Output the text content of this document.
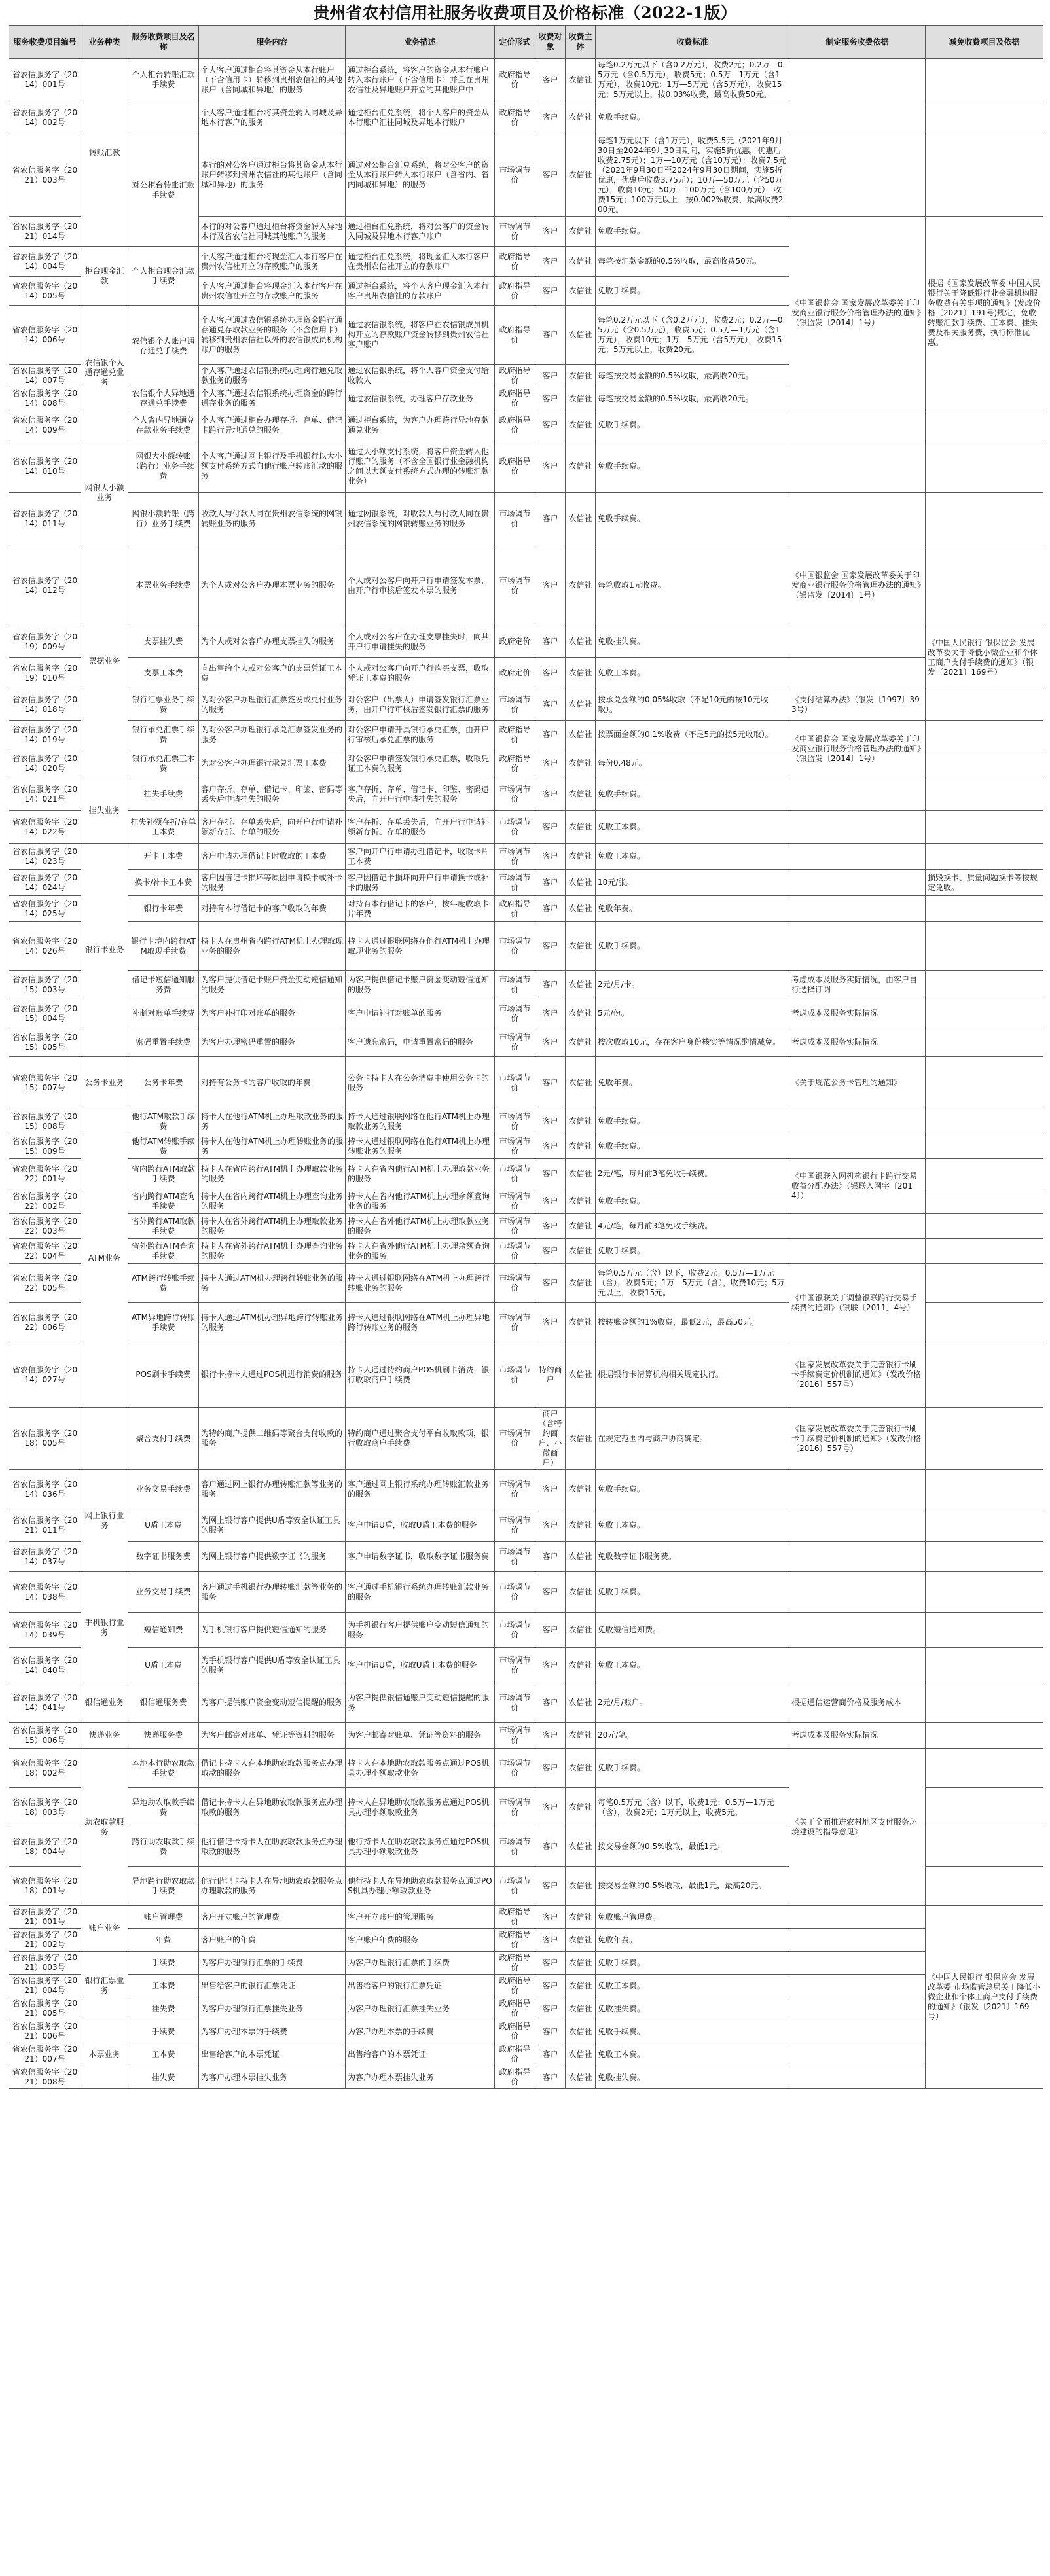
贵州省农村信用社服务收费项目及价格标准（2022-1版）
服务收费项目编号	业务种类	服务收费项目及名称	服务内容	业务描述	定价形式	收费对象	收费主体	收费标准	制定服务收费依据	减免收费项目及依据
省农信服务字（2014）001号	转账汇款	个人柜台转账汇款手续费	个人客户通过柜台将其资金从本行账户（不含信用卡）转移到贵州农信社的其他账户（含同城和异地）的服务	通过柜台系统，将客户的资金从本行账户转入本行账户（不含信用卡）并且在贵州农信社及异地账户开立的其他账户中	政府指导价	客户	农信社	每笔0.2万元以下（含0.2万元），收费2元；0.2万—0.5万元（含0.5万元），收费5元；0.5万—1万元（含1万元），收费10元；1万—5万元（含5万元），收费15元；5万元以上，按0.03%收费，最高收费50元。		
省农信服务字（2014）002号			个人客户通过柜台将其资金转入同城及异地本行客户的服务	通过柜台汇兑系统，将个人客户的资金从本行账户汇往同城及异地本行账户	政府指导价	客户	农信社	免收手续费。		
省农信服务字（2021）003号		对公柜台转账汇款手续费	本行的对公客户通过柜台将其资金从本行账户转移到贵州农信社的其他账户（含同城和异地）的服务	通过对公柜台汇兑系统，将对公客户的资金从本行账户转入本行账户（含省内、省内同城和异地）的服务	市场调节价	客户	农信社	每笔1万元以下（含1万元），收费5.5元（2021年9月30日至2024年9月30日期间，实施5折优惠，优惠后收费2.75元）；1万—10万元（含10万元）：收费7.5元（2021年9月30日至2024年9月30日期间，实施5折优惠，优惠后收费3.75元）；10万—50万元（含50万元），收费10元；50万—100万元（含100万元），收费15元；100万元以上，按0.002%收费，最高收费200元。		
省农信服务字（2021）014号			本行的对公客户通过柜台将资金转入异地本行及省农信社同城其他账户的服务	通过柜台汇兑系统，将对公客户的资金转入同城及异地本行客户账户	市场调节价	客户	农信社	免收手续费。	《中国银监会 国家发展改革委关于印发商业银行服务价格管理办法的通知》（银监发〔2014〕1号）	根据《国家发展改革委 中国人民银行关于降低银行业金融机构服务收费有关事项的通知》(发改价格〔2021〕191号)规定，免收转账汇款手续费、工本费、挂失费及相关服务费，执行标准优惠。
省农信服务字（2014）004号	柜台现金汇款	个人柜台现金汇款手续费	个人客户通过柜台将现金汇入本行客户在贵州农信社开立的存款账户的服务	通过柜台汇兑系统，将现金汇入本行客户在贵州农信社开立的存款账户	政府指导价	客户	农信社	每笔按汇款金额的0.5%收取，最高收费50元。		
省农信服务字（2014）005号			个人客户通过柜台将现金汇入本行客户在贵州农信社开立的存款账户的服务	通过柜台系统，将个人客户现金汇入本行客户贵州农信社的存款账户	政府指导价	客户	农信社	免收手续费。		
省农信服务字（2014）006号	农信银个人通存通兑业务	农信银个人账户通存通兑手续费	个人客户通过农信银系统办理资金跨行通存通兑存取款业务的服务（不含信用卡）转移到贵州农信社以外的农信银成员机构账户的服务	通过农信银系统，将客户在农信银成员机构开立的存款账户资金转移到贵州农信社客户账户	政府指导价	客户	农信社	每笔0.2万元以下（含0.2万元），收费2元；0.2万—0.5万元（含0.5万元），收费5元；0.5万—1万元（含1万元），收费10元；1万—5万元（含5万元），收费15元；5万元以上，收费20元。		
省农信服务字（2014）007号			个人客户通过农信银系统办理跨行通兑取款业务的服务	通过农信银系统，将个人客户资金支付给收款人	政府指导价	客户	农信社	每笔按交易金额的0.5%收取，最高收20元。		
省农信服务字（2014）008号		农信银个人异地通存通兑手续费	个人客户通过农信银系统办理资金的跨行通存业务的服务	通过农信银系统，办理客户存款业务	政府指导价	客户	农信社	每笔按交易金额的0.5%收取，最高收20元。		
省农信服务字（2014）009号		个人省内异地通兑存款业务手续费	个人客户通过柜台办理存折、存单、借记卡跨行异地通兑的服务	通过柜台系统，为客户办理跨行异地存款通兑业务	政府指导价	客户	农信社	免收手续费。		
省农信服务字（2014）010号	网银大小额业务	网银大小额转账（跨行）业务手续费	个人客户通过网上银行及手机银行以大小额支付系统方式向他行账户转账汇款的服务	通过大小额支付系统，将客户资金转入他行账户的服务（不含全国银行业金融机构之间以大额支付系统方式办理的转账汇款业务）	政府指导价	客户	农信社	免收手续费。		
省农信服务字（2014）011号		网银小额转账（跨行）业务手续费	收款人与付款人同在贵州农信系统的网银转账业务的服务	通过网银系统，对收款人与付款人同在贵州农信系统的网银转账业务的服务	市场调节价	客户	农信社	免收手续费。		
省农信服务字（2014）012号	票据业务	本票业务手续费	为个人或对公客户办理本票业务的服务	个人或对公客户向开户行申请签发本票，由开户行审核后签发本票的服务	市场调节价	客户	农信社	每笔收取1元收费。	《中国银监会 国家发展改革委关于印发商业银行服务价格管理办法的通知》（银监发〔2014〕1号）	
省农信服务字（2019）009号		支票挂失费	为个人或对公客户办理支票挂失的服务	个人或对公客户在办理支票挂失时，向其开户行申请挂失的服务	政府定价	客户	农信社	免收挂失费。		《中国人民银行 银保监会 发展改革委关于降低小微企业和个体工商户支付手续费的通知》（银发〔2021〕169号）
省农信服务字（2019）010号		支票工本费	向出售给个人或对公客户的支票凭证工本费	个人或对公客户向开户行购买支票，收取凭证工本费的服务	政府定价	客户	农信社	免收工本费。		
省农信服务字（2014）018号		银行汇票业务手续费	为对公客户办理银行汇票签发或兑付业务的服务	对公客户（出票人）申请签发银行汇票业务，由开户行审核后签发银行汇票的服务	市场调节价	客户	农信社	按承兑金额的0.05%收取（不足10元的按10元收取）。	《支付结算办法》（银发〔1997〕393号）	
省农信服务字（2014）019号		银行承兑汇票手续费	为对公客户办理银行承兑汇票签发业务的服务	对公客户申请开具银行承兑汇票，由开户行审核后承兑汇票的服务	政府指导价	客户	农信社	按票面金额的0.1%收费（不足5元的按5元收取）。	《中国银监会 国家发展改革委关于印发商业银行服务价格管理办法的通知》（银监发〔2014〕1号）	
省农信服务字（2014）020号		银行承兑汇票工本费	为对公客户办理银行承兑汇票工本费	对公客户申请签发银行承兑汇票，收取凭证工本费的服务	政府指导价	客户	农信社	每份0.48元。		
省农信服务字（2014）021号	挂失业务	挂失手续费	客户存折、存单、借记卡、印鉴、密码等丢失后申请挂失的服务	客户存折、存单、借记卡、印鉴、密码遗失后，向开户行申请挂失的服务	市场调节价	客户	农信社	免收手续费。		
省农信服务字（2014）022号		挂失补领存折/存单工本费	客户存折、存单丢失后，向开户行申请补领新存折、存单的服务	客户存折、存单丢失后，向开户行申请补领新存折、存单的服务	市场调节价	客户	农信社	免收工本费。		
省农信服务字（2014）023号	银行卡业务	开卡工本费	客户申请办理借记卡时收取的工本费	客户向开户行申请办理借记卡，收取卡片工本费	市场调节价	客户	农信社	免收工本费。		
省农信服务字（2014）024号		换卡/补卡工本费	客户因借记卡损坏等原因申请换卡或补卡的服务	客户因借记卡损坏向开户行申请换卡或补卡的服务	市场调节价	客户	农信社	10元/张。		损毁换卡、质量问题换卡等按规定免收。
省农信服务字（2014）025号		银行卡年费	对持有本行借记卡的客户收取的年费	对持有本行借记卡的客户，按年度收取卡片年费	政府指导价	客户	农信社	免收年费。		
省农信服务字（2014）026号		银行卡境内跨行ATM取现手续费	持卡人在贵州省内跨行ATM机上办理取现业务的服务	持卡人通过银联网络在他行ATM机上办理取现业务的服务	市场调节价	客户	农信社	免收手续费。		
省农信服务字（2015）003号		借记卡短信通知服务费	为客户提供借记卡账户资金变动短信通知的服务	为客户提供借记卡账户资金变动短信通知的服务	市场调节价	客户	农信社	2元/月/卡。	考虑成本及服务实际情况，由客户自行选择订阅	
省农信服务字（2015）004号		补制对账单手续费	为客户补打印对账单的服务	客户申请补打对账单的服务	市场调节价	客户	农信社	5元/份。	考虑成本及服务实际情况	
省农信服务字（2015）005号		密码重置手续费	为客户办理密码重置的服务	客户遗忘密码，申请重置密码的服务	市场调节价	客户	农信社	按次收取10元，存在客户身份核实等情况酌情减免。	考虑成本及服务实际情况	
省农信服务字（2015）007号	公务卡业务	公务卡年费	对持有公务卡的客户收取的年费	公务卡持卡人在公务消费中使用公务卡的服务	市场调节价	客户	农信社	免收年费。	《关于规范公务卡管理的通知》	
省农信服务字（2015）008号	ATM业务	他行ATM取款手续费	持卡人在他行ATM机上办理取款业务的服务	持卡人通过银联网络在他行ATM机上办理取款业务的服务	市场调节价	客户	农信社	免收手续费。		
省农信服务字（2015）009号		他行ATM转账手续费	持卡人在他行ATM机上办理转账业务的服务	持卡人通过银联网络在他行ATM机上办理转账业务的服务	市场调节价	客户	农信社	免收手续费。		
省农信服务字（2022）001号		省内跨行ATM取款手续费	持卡人在省内跨行ATM机上办理取款业务的服务	持卡人在省内他行ATM机上办理取款业务的服务	市场调节价	客户	农信社	2元/笔，每月前3笔免收手续费。	《中国银联入网机构银行卡跨行交易收益分配办法》（银联入网字〔2014〕）	
省农信服务字（2022）002号		省内跨行ATM查询手续费	持卡人在省内跨行ATM机上办理查询业务的服务	持卡人在省内他行ATM机上办理余额查询业务的服务	市场调节价	客户	农信社	免收手续费。		
省农信服务字（2022）003号		省外跨行ATM取款手续费	持卡人在省外跨行ATM机上办理取款业务的服务	持卡人在省外他行ATM机上办理取款业务的服务	市场调节价	客户	农信社	4元/笔，每月前3笔免收手续费。		
省农信服务字（2022）004号		省外跨行ATM查询手续费	持卡人在省外跨行ATM机上办理查询业务的服务	持卡人在省外他行ATM机上办理余额查询业务的服务	市场调节价	客户	农信社	免收手续费。		
省农信服务字（2022）005号		ATM跨行转账手续费	持卡人通过ATM机办理跨行转账业务的服务	持卡人通过银联网络在ATM机上办理跨行转账业务的服务	市场调节价	客户	农信社	每笔0.5万元（含）以下，收费2元；0.5万—1万元（含），收费5元；1万—5万元（含），收费10元；5万元以上，收费15元。	《中国银联关于调整银联跨行交易手续费的通知》（银联〔2011〕4号）	
省农信服务字（2022）006号		ATM异地跨行转账手续费	持卡人通过ATM机办理异地跨行转账业务的服务	持卡人通过银联网络在ATM机上办理异地跨行转账业务的服务	市场调节价	客户	农信社	按转账金额的1%收费，最低2元，最高50元。		
省农信服务字（2014）027号		POS刷卡手续费	银行卡持卡人通过POS机进行消费的服务	持卡人通过特约商户POS机刷卡消费，银行收取商户手续费	市场调节价	特约商户	农信社	根据银行卡清算机构相关规定执行。	《国家发展改革委关于完善银行卡刷卡手续费定价机制的通知》（发改价格〔2016〕557号）	
省农信服务字（2018）005号		聚合支付手续费	为特约商户提供二维码等聚合支付收款的服务	特约商户通过聚合支付平台收取款项，银行收取商户手续费	市场调节价	商户（含特约商户、小微商户）	农信社	在规定范围内与商户协商确定。	《国家发展改革委关于完善银行卡刷卡手续费定价机制的通知》（发改价格〔2016〕557号）	
省农信服务字（2014）036号	网上银行业务	业务交易手续费	客户通过网上银行办理转账汇款等业务的服务	客户通过网上银行系统办理转账汇款业务的服务	市场调节价	客户	农信社	免收手续费。		
省农信服务字（2021）011号		U盾工本费	为网上银行客户提供U盾等安全认证工具的服务	客户申请U盾，收取U盾工本费的服务	市场调节价	客户	农信社	免收工本费。		
省农信服务字（2014）037号		数字证书服务费	为网上银行客户提供数字证书的服务	客户申请数字证书，收取数字证书服务费	市场调节价	客户	农信社	免收数字证书服务费。		
省农信服务字（2014）038号	手机银行业务	业务交易手续费	客户通过手机银行办理转账汇款等业务的服务	客户通过手机银行系统办理转账汇款业务的服务	市场调节价	客户	农信社	免收手续费。		
省农信服务字（2014）039号		短信通知费	为手机银行客户提供短信通知的服务	为手机银行客户提供账户变动短信通知的服务	市场调节价	客户	农信社	免收短信通知费。		
省农信服务字（2014）040号		U盾工本费	为手机银行客户提供U盾等安全认证工具的服务	客户申请U盾，收取U盾工本费的服务	市场调节价	客户	农信社	免收工本费。		
省农信服务字（2014）041号	银信通业务	银信通服务费	为客户提供账户资金变动短信提醒的服务	为客户提供银信通账户变动短信提醒的服务	市场调节价	客户	农信社	2元/月/账户。	根据通信运营商价格及服务成本	
省农信服务字（2015）006号	快递业务	快递服务费	为客户邮寄对账单、凭证等资料的服务	为客户邮寄对账单、凭证等资料的服务	市场调节价	客户	农信社	20元/笔。	考虑成本及服务实际情况	
省农信服务字（2018）002号	助农取款服务	本地本行助农取款手续费	借记卡持卡人在本地助农取款服务点办理取款的服务	持卡人在本地助农取款服务点通过POS机具办理小额取款业务	市场调节价	客户	农信社	免收手续费。	《关于全面推进农村地区支付服务环境建设的指导意见》	
省农信服务字（2018）003号		异地助农取款手续费	借记卡持卡人在异地助农取款服务点办理取款的服务	持卡人在异地助农取款服务点通过POS机具办理小额取款业务	市场调节价	客户	农信社	每笔0.5万元（含）以下，收费1元；0.5万—1万元（含），收费2元；1万元以上，收费5元。		
省农信服务字（2018）004号		跨行助农取款手续费	他行借记卡持卡人在助农取款服务点办理取款的服务	他行持卡人在助农取款服务点通过POS机具办理小额取款业务	市场调节价	客户	农信社	按交易金额的0.5%收取，最低1元。		
省农信服务字（2018）001号		异地跨行助农取款手续费	他行借记卡持卡人在异地助农取款服务点办理取款的服务	他行持卡人在异地助农取款服务点通过POS机具办理小额取款业务	市场调节价	客户	农信社	按交易金额的0.5%收取，最低1元，最高20元。		
省农信服务字（2021）001号	账户业务	账户管理费	客户开立账户的管理费	客户开立账户的管理服务	政府指导价	客户	农信社	免收账户管理费。		《中国人民银行 银保监会 发展改革委 市场监管总局关于降低小微企业和个体工商户支付手续费的通知》（银发〔2021〕169号）
省农信服务字（2021）002号		年费	客户账户的年费	客户账户年费的服务	政府指导价	客户	农信社	免收年费。		
省农信服务字（2021）003号	银行汇票业务	手续费	为客户办理银行汇票的手续费	为客户办理银行汇票的手续费	政府指导价	客户	农信社	免收手续费。		
省农信服务字（2021）004号		工本费	出售给客户的银行汇票凭证	出售给客户的银行汇票凭证	政府指导价	客户	农信社	免收工本费。		
省农信服务字（2021）005号		挂失费	为客户办理银行汇票挂失业务	为客户办理银行汇票挂失业务	政府指导价	客户	农信社	免收挂失费。		
省农信服务字（2021）006号	本票业务	手续费	为客户办理本票的手续费	为客户办理本票的手续费	政府指导价	客户	农信社	免收手续费。		
省农信服务字（2021）007号		工本费	出售给客户的本票凭证	出售给客户的本票凭证	政府指导价	客户	农信社	免收工本费。		
省农信服务字（2021）008号		挂失费	为客户办理本票挂失业务	为客户办理本票挂失业务	政府指导价	客户	农信社	免收挂失费。		
